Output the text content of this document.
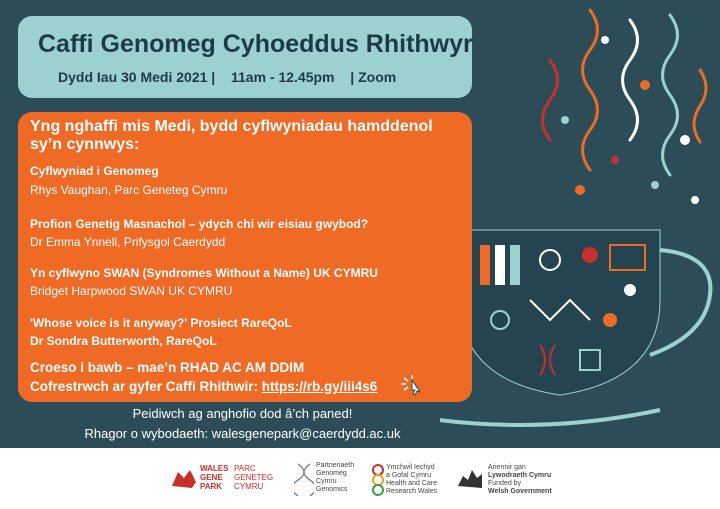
Caffi Genomeg Cyhoeddus Rhithwyr
Dydd Iau 30 Medi 2021 | 11am - 12.45pm | Zoom
Yng nghaffi mis Medi, bydd cyflwyniadau hamddenol sy’n cynnwys:
Cyflwyniad i Genomeg
Rhys Vaughan, Parc Geneteg Cymru
Profion Genetig Masnachol – ydych chi wir eisiau gwybod?
Dr Emma Ynnell, Prifysgol Caerdydd
Yn cyflwyno SWAN (Syndromes Without a Name) UK CYMRU
Bridget Harpwood SWAN UK CYMRU
'Whose voice is it anyway?' Prosiect RareQoL
Dr Sondra Butterworth, RareQoL
Croeso i bawb – mae’n RHAD AC AM DDIM
Cofrestrwch ar gyfer Caffi Rhithwir: https://rb.gy/iii4s6
Peidiwch ag anghofio dod â’ch paned!
Rhagor o wybodaeth: walesgenepark@caerdydd.ac.uk
WALES
GENE
PARK
PARC
GENETEG
CYMRU
Partneriaeth
Genomeg
Cymru
Genomics
Ymchwil Iechyd
a Gofal Cymru
Health and Care
Research Wales
Ariennir gan
Lywodraeth Cymru
Funded by
Welsh Government
